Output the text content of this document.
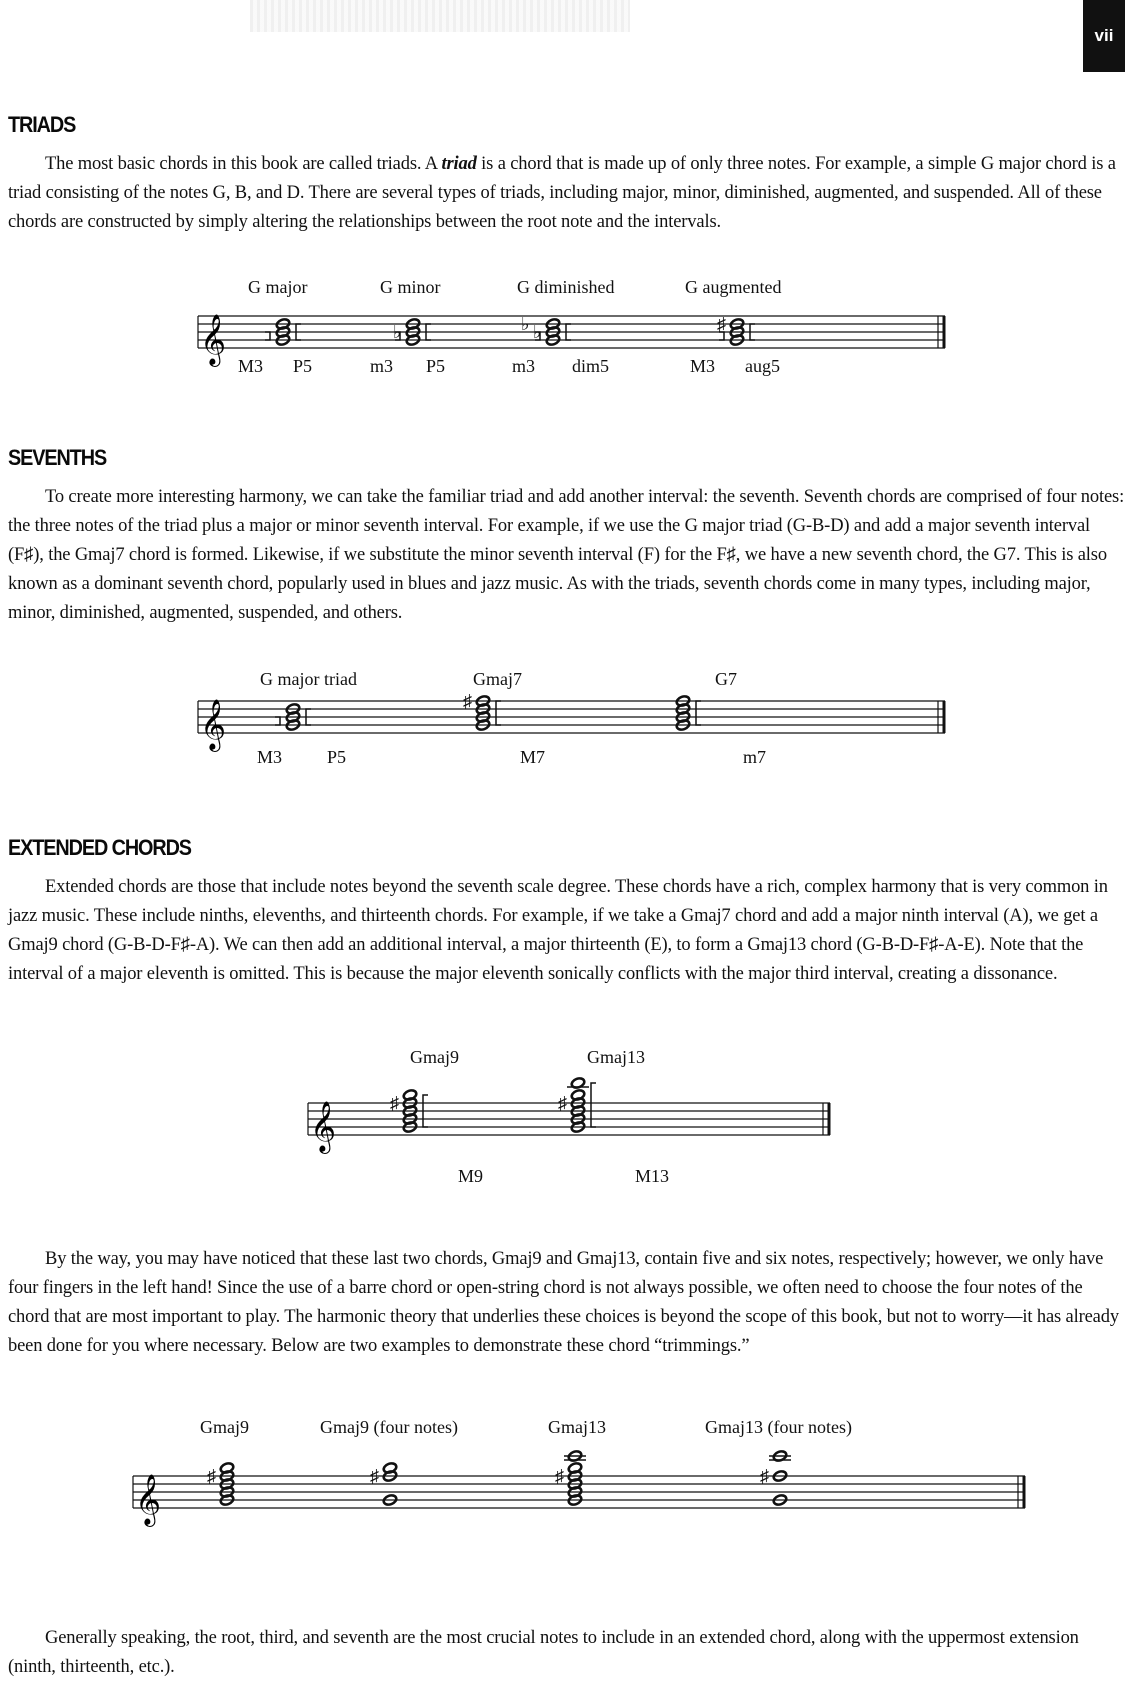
vii
TRIADS

The most basic chords in this book are called triads. A triad is a chord that is made up of only three notes. For example, a simple G major chord is a triad consisting of the notes G, B, and D. There are several types of triads, including major, minor, diminished, augmented, and suspended. All of these chords are constructed by simply altering the relationships between the root note and the intervals.

𝄞	♭	♭
♭	♯
G major	G minor	G diminished	G augmented
M3 P5	m3 P5	m3 dim5	M3 aug5
SEVENTHS

To create more interesting harmony, we can take the familiar triad and add another interval: the seventh. Seventh chords are comprised of four notes: the three notes of the triad plus a major or minor seventh interval. For example, if we use the G major triad (G-B-D) and add a major seventh interval (F♯), the Gmaj7 chord is formed. Likewise, if we substitute the minor seventh interval (F) for the F♯, we have a new seventh chord, the G7. This is also known as a dominant seventh chord, popularly used in blues and jazz music. As with the triads, seventh chords come in many types, including major, minor, diminished, augmented, suspended, and others.

𝄞	♯
G major triad	Gmaj7	G7
M3 P5	M7	m7
EXTENDED CHORDS

Extended chords are those that include notes beyond the seventh scale degree. These chords have a rich, complex harmony that is very common in jazz music. These include ninths, elevenths, and thirteenth chords. For example, if we take a Gmaj7 chord and add a major ninth interval (A), we get a Gmaj9 chord (G-B-D-F♯-A). We can then add an additional interval, a major thirteenth (E), to form a Gmaj13 chord (G-B-D-F♯-A-E). Note that the interval of a major eleventh is omitted. This is because the major eleventh sonically conflicts with the major third interval, creating a dissonance.

𝄞	♯	♯
Gmaj9	Gmaj13
M9	M13

By the way, you may have noticed that these last two chords, Gmaj9 and Gmaj13, contain five and six notes, respectively; however, we only have four fingers in the left hand! Since the use of a barre chord or open-string chord is not always possible, we often need to choose the four notes of the chord that are most important to play. The harmonic theory that underlies these choices is beyond the scope of this book, but not to worry—it has already been done for you where necessary. Below are two examples to demonstrate these chord “trimmings.”

𝄞	♯	♯	♯	♯
Gmaj9	Gmaj9 (four notes)	Gmaj13	Gmaj13 (four notes)

Generally speaking, the root, third, and seventh are the most crucial notes to include in an extended chord, along with the uppermost extension (ninth, thirteenth, etc.).
